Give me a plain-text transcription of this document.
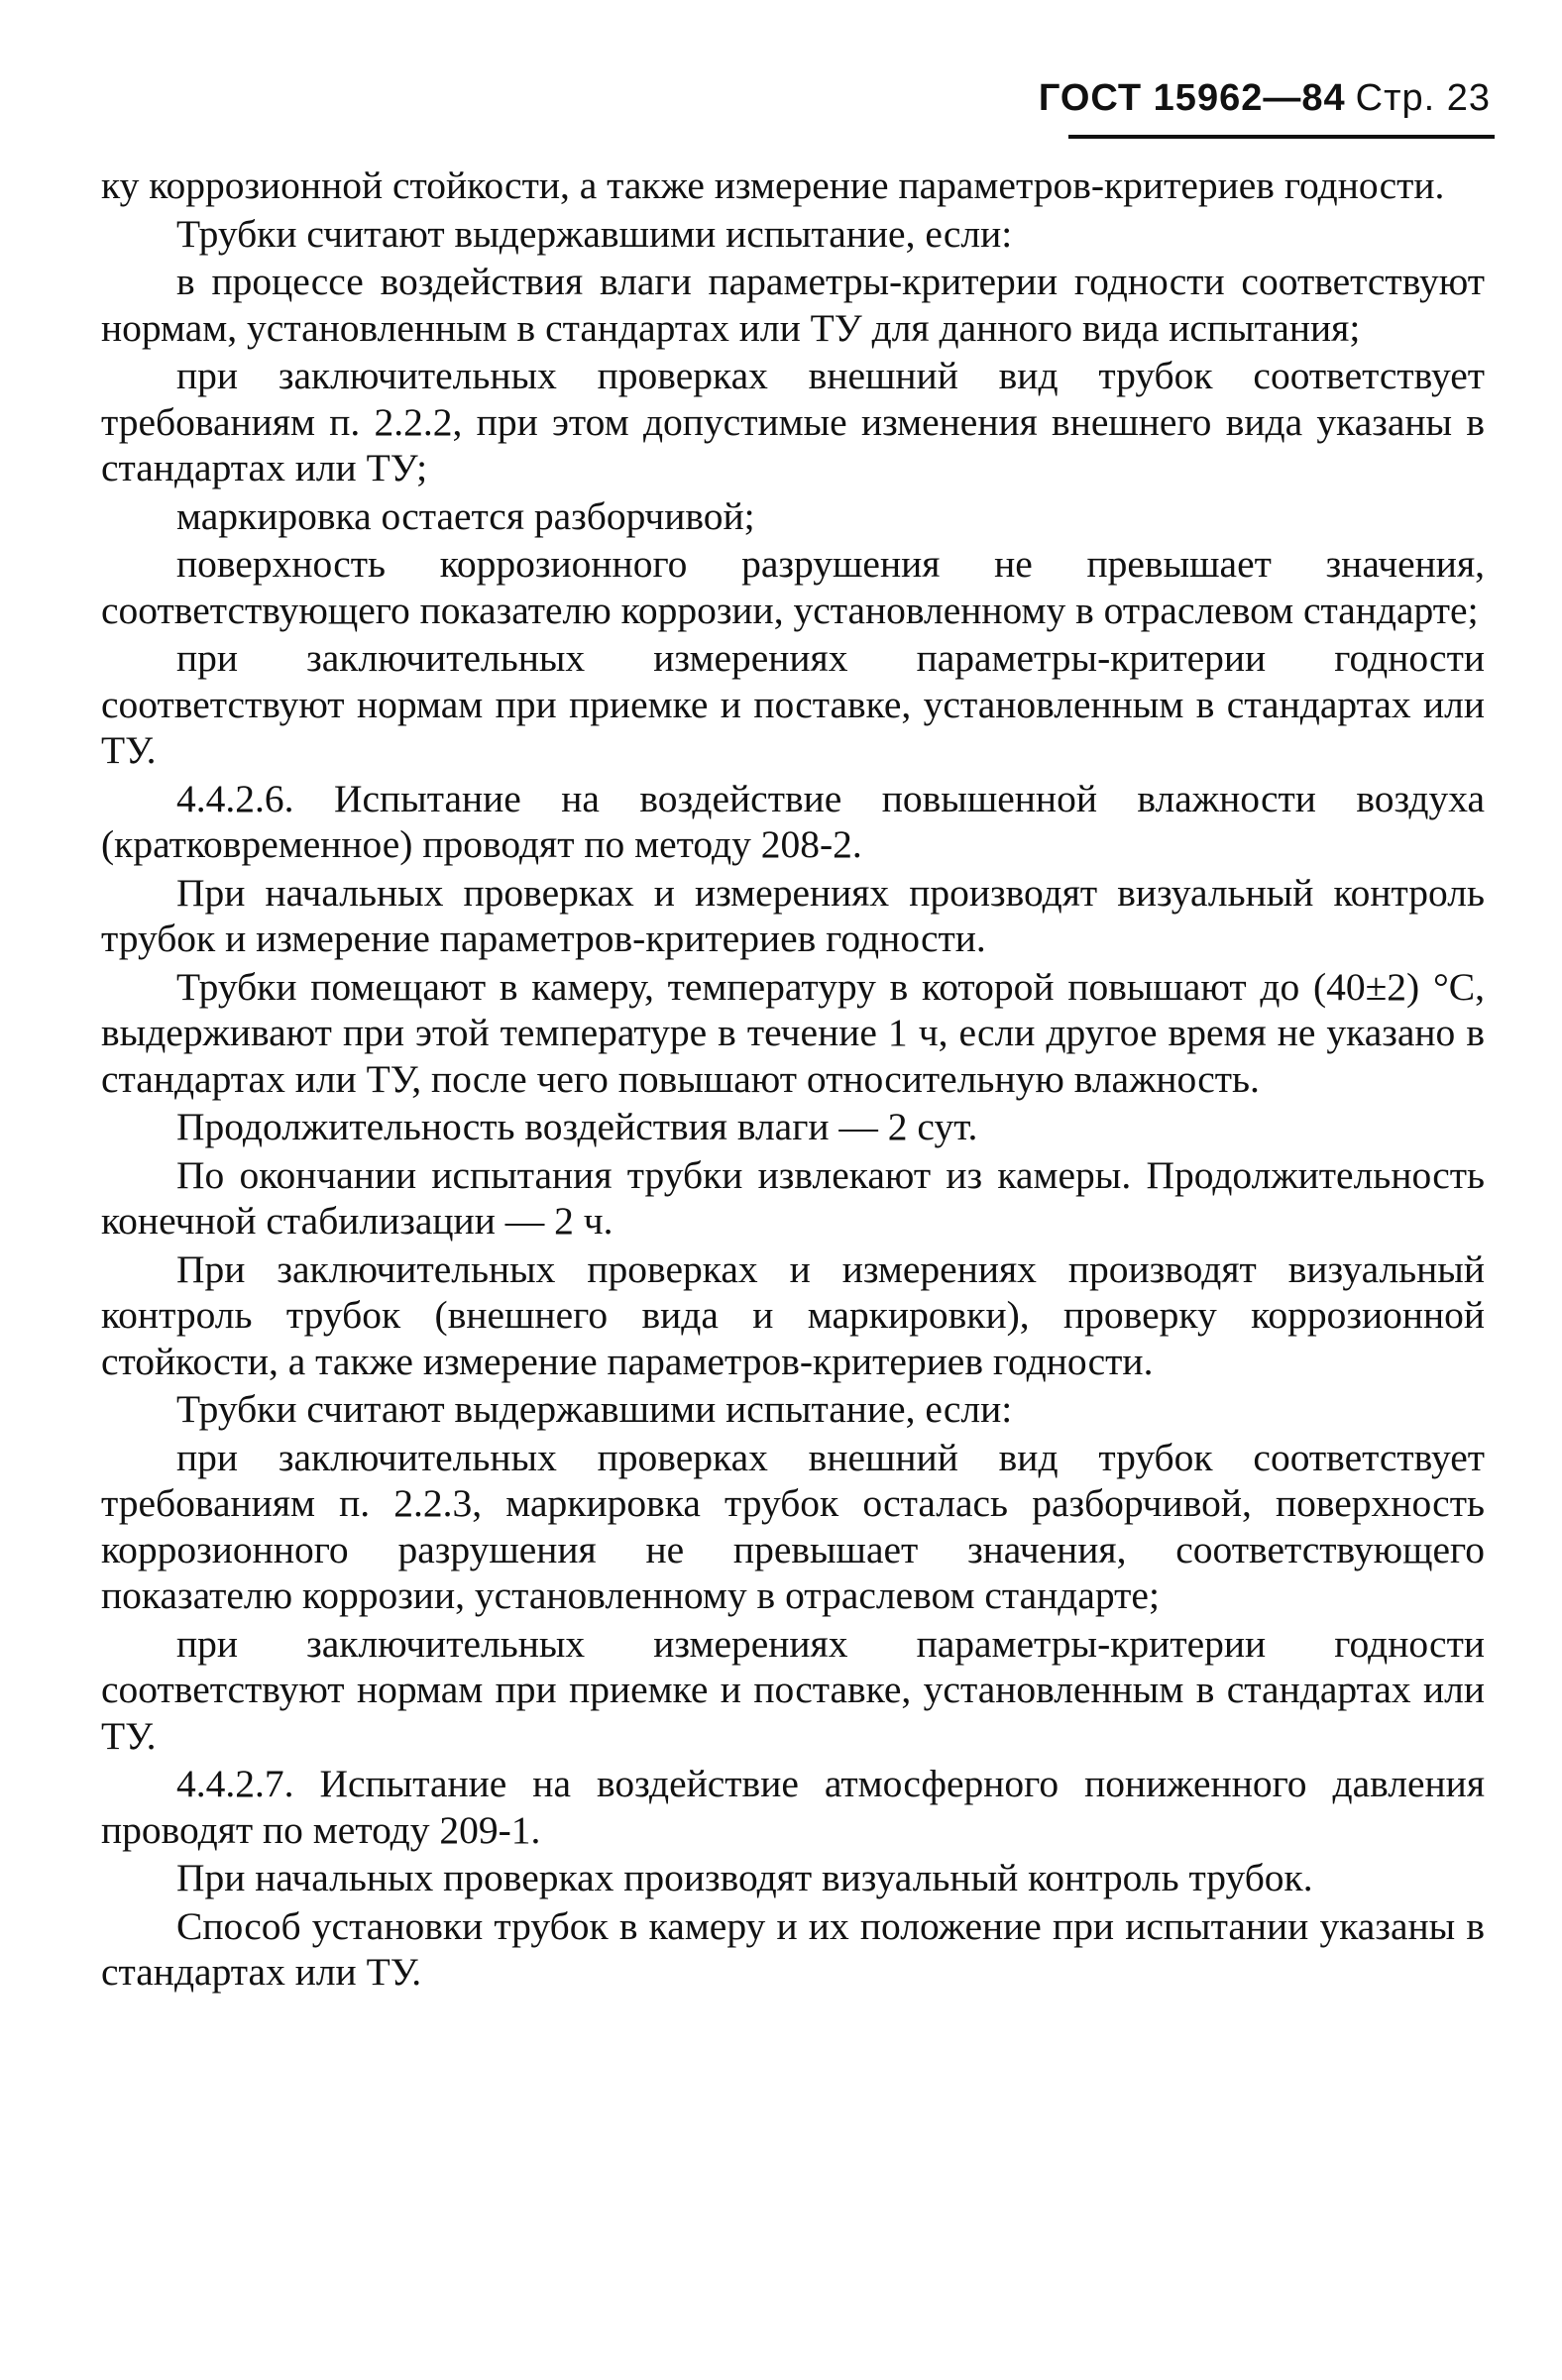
ГОСТ 15962—84 Стр. 23

ку коррозионной стойкости, а также измерение параметров-критериев годности.

Трубки считают выдержавшими испытание, если:

в процессе воздействия влаги параметры-критерии годности соответствуют нормам, установленным в стандартах или ТУ для данного вида испытания;

при заключительных проверках внешний вид трубок соответствует требованиям п. 2.2.2, при этом допустимые изменения внешнего вида указаны в стандартах или ТУ;

маркировка остается разборчивой;

поверхность коррозионного разрушения не превышает значения, соответствующего показателю коррозии, установленному в отраслевом стандарте;

при заключительных измерениях параметры-критерии годности соответствуют нормам при приемке и поставке, установленным в стандартах или ТУ.

4.4.2.6. Испытание на воздействие повышенной влажности воздуха (кратковременное) проводят по методу 208-2.

При начальных проверках и измерениях производят визуальный контроль трубок и измерение параметров-критериев годности.

Трубки помещают в камеру, температуру в которой повышают до (40±2) °С, выдерживают при этой температуре в течение 1 ч, если другое время не указано в стандартах или ТУ, после чего повышают относительную влажность.

Продолжительность воздействия влаги — 2 сут.

По окончании испытания трубки извлекают из камеры. Продолжительность конечной стабилизации — 2 ч.

При заключительных проверках и измерениях производят визуальный контроль трубок (внешнего вида и маркировки), проверку коррозионной стойкости, а также измерение параметров-критериев годности.

Трубки считают выдержавшими испытание, если:

при заключительных проверках внешний вид трубок соответствует требованиям п. 2.2.3, маркировка трубок осталась разборчивой, поверхность коррозионного разрушения не превышает значения, соответствующего показателю коррозии, установленному в отраслевом стандарте;

при заключительных измерениях параметры-критерии годности соответствуют нормам при приемке и поставке, установленным в стандартах или ТУ.

4.4.2.7. Испытание на воздействие атмосферного пониженного давления проводят по методу 209-1.

При начальных проверках производят визуальный контроль трубок.

Способ установки трубок в камеру и их положение при испытании указаны в стандартах или ТУ.
